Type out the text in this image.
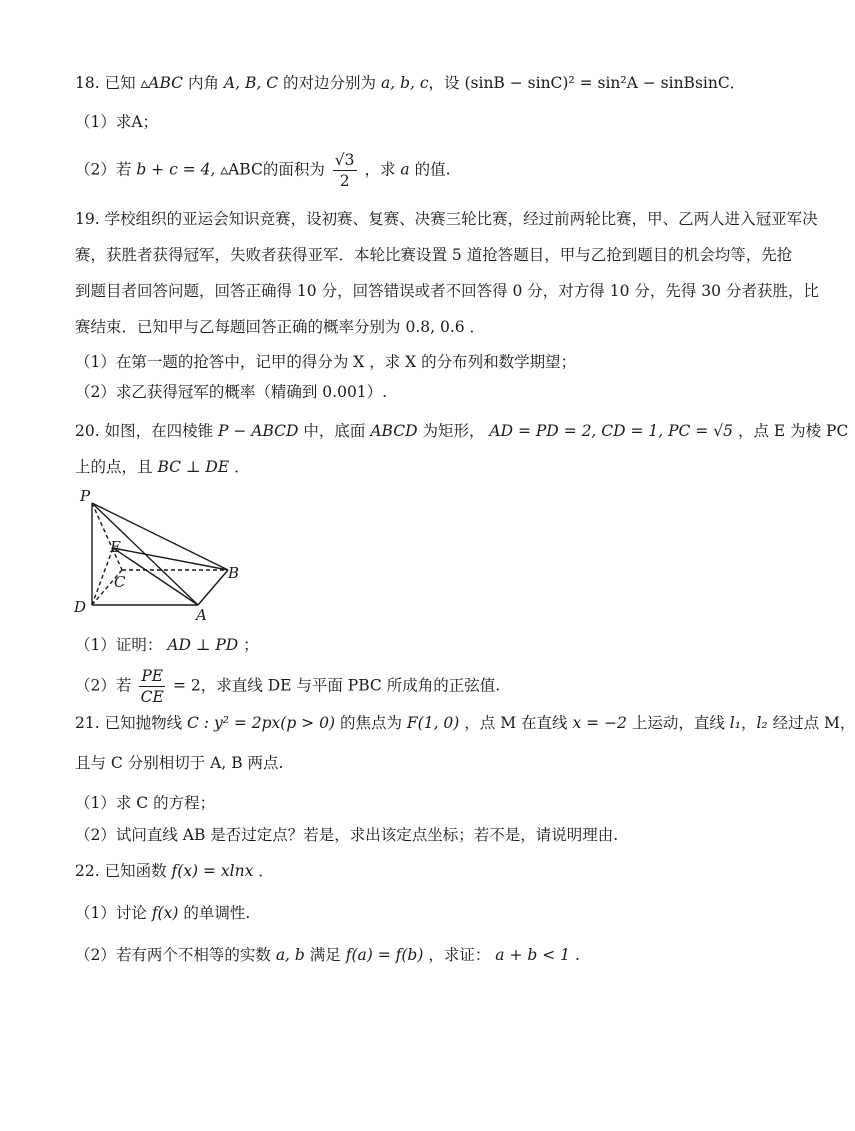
18. 已知 ▵ABC 内角 A, B, C 的对边分别为 a, b, c，设 (sinB − sinC)² = sin²A − sinBsinC．
（1）求A；
（2）若 b + c = 4, ▵ABC的面积为 $\frac{√3}{2}$ ，求 a 的值.
19. 学校组织的亚运会知识竞赛，设初赛、复赛、决赛三轮比赛，经过前两轮比赛，甲、乙两人进入冠亚军决
赛，获胜者获得冠军，失败者获得亚军．本轮比赛设置 5 道抢答题目，甲与乙抢到题目的机会均等，先抢
到题目者回答问题，回答正确得 10 分，回答错误或者不回答得 0 分，对方得 10 分，先得 30 分者获胜，比
赛结束．已知甲与乙每题回答正确的概率分别为 0.8, 0.6 ．
（1）在第一题的抢答中，记甲的得分为 X ，求 X 的分布列和数学期望；
（2）求乙获得冠军的概率（精确到 0.001）.
20. 如图，在四棱锥 P − ABCD 中，底面 ABCD 为矩形， AD = PD = 2, CD = 1, PC = √5 ，点 E 为棱 PC
上的点，且 BC ⊥ DE ．
P
E
C	B
D	A
（1）证明： AD ⊥ PD ；
（2）若 $\frac{PE}{CE} = 2$，求直线 DE 与平面 PBC 所成角的正弦值.
21. 已知抛物线 C : y² = 2px(p > 0) 的焦点为 F(1, 0) ，点 M 在直线 x = −2 上运动，直线 l₁，l₂ 经过点 M，
且与 C 分别相切于 A, B 两点.
（1）求 C 的方程；
（2）试问直线 AB 是否过定点？若是，求出该定点坐标；若不是，请说明理由.
22. 已知函数 f(x) = xlnx ．
（1）讨论 f(x) 的单调性.
（2）若有两个不相等的实数 a, b 满足 f(a) = f(b) ，求证： a + b < 1 .
